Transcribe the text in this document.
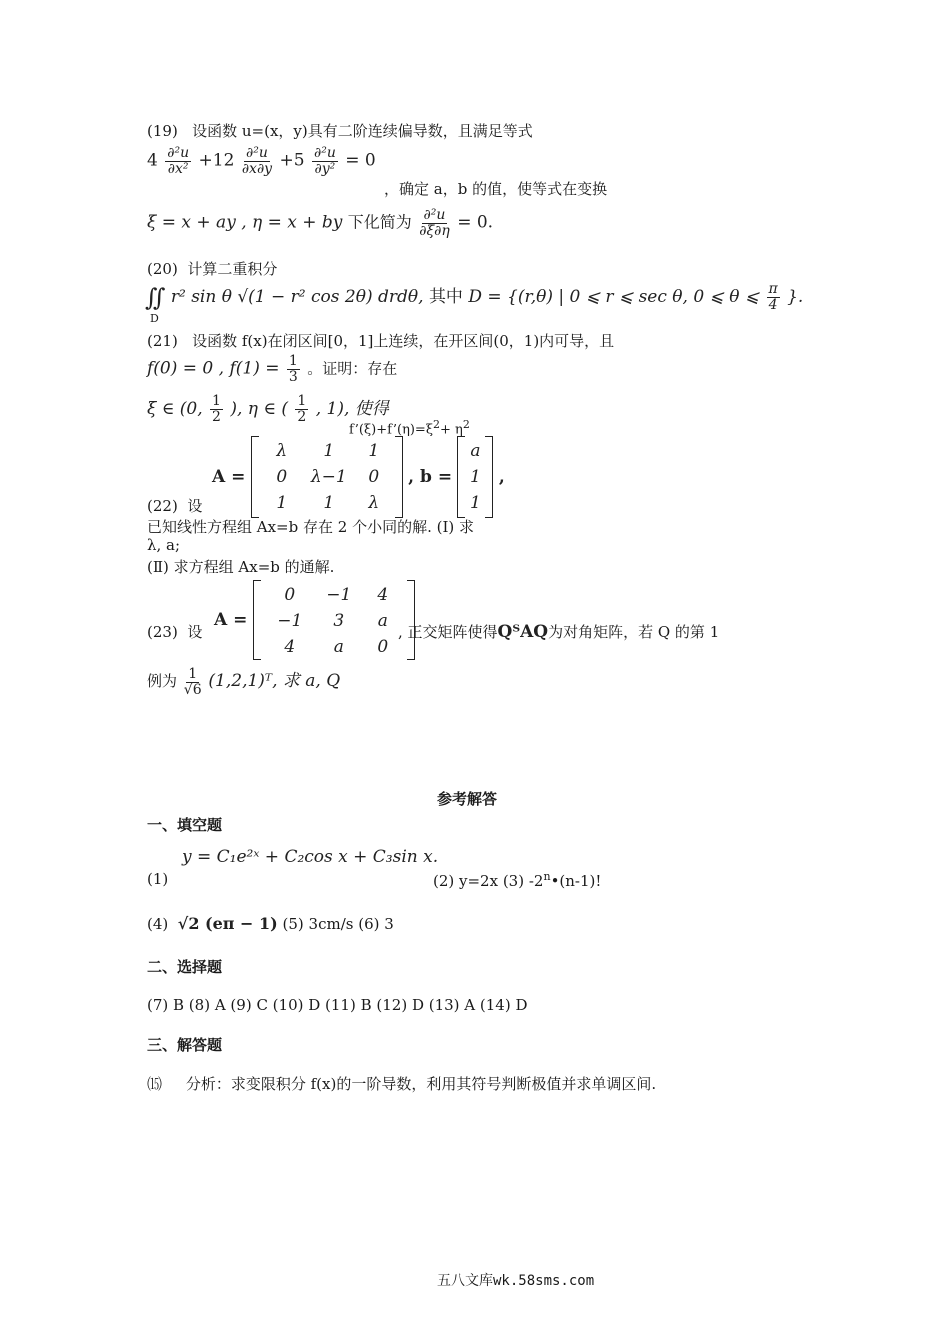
(19) 设函数 u=(x，y)具有二阶连续偏导数，且满足等式
$4 \frac{\text{∂²u}}{\text{∂x²}} +12 \frac{\text{∂²u}}{\partial x\partial y} +5 \frac{\text{∂²u}}{\text{∂y²}} = 0$
，确定 a，b 的值，使等式在变换
ξ = x + ay , η = x + by 下化简为 $\frac{\text{∂²u}}{\partial\xi\partial\eta} = 0$.
(20) 计算二重积分
∬ r² sin θ √(1 − r² cos 2θ) drdθ, 其中 D = {(r,θ) | 0 ⩽ r ⩽ sec θ, 0 ⩽ θ ⩽ $\frac{\pi}{4}$ }.
D
(21) 设函数 f(x)在闭区间[0，1]上连续，在开区间(0，1)内可导，且
f(0) = 0 , $f(1) = \frac{1}{3}$ 。证明：存在
ξ ∈ (0, $\frac{1}{2}$ ), η ∈ ( $\frac{1}{2}$ , 1), 使得
$f’(\xi)+f’(\eta)=\xi^2+ \eta^2$
A =
λ	1	1
0	λ−1	0
1	1	λ
, b =
a
1
1
,
(22) 设
已知线性方程组 Ax=b 存在 2 个小同的解. (Ⅰ) 求
λ, a;
(Ⅱ) 求方程组 Ax=b 的通解.
(23) 设
A =
0	−1	4
−1	3	a
4	a	0
, 正交矩阵使得QᵀAQ为对角矩阵，若 Q 的第 1
例为 $\frac{1}{√6}$ (1,2,1)ᵀ, 求 a, Q
参考解答
一、填空题
(1)
y = C₁e²ˣ + C₂cos x + C₃sin x.
(2) y=2x (3) -2$^n$•(n-1)!
(4) √2 (eᴨ − 1) (5) 3cm/s (6) 3
二、选择题
(7) B (8) A (9) C (10) D (11) B (12) D (13) A (14) D
三、解答题
⒂ 分析：求变限积分 f(x)的一阶导数，利用其符号判断极值并求单调区间.
五八文库wk.58sms.com
